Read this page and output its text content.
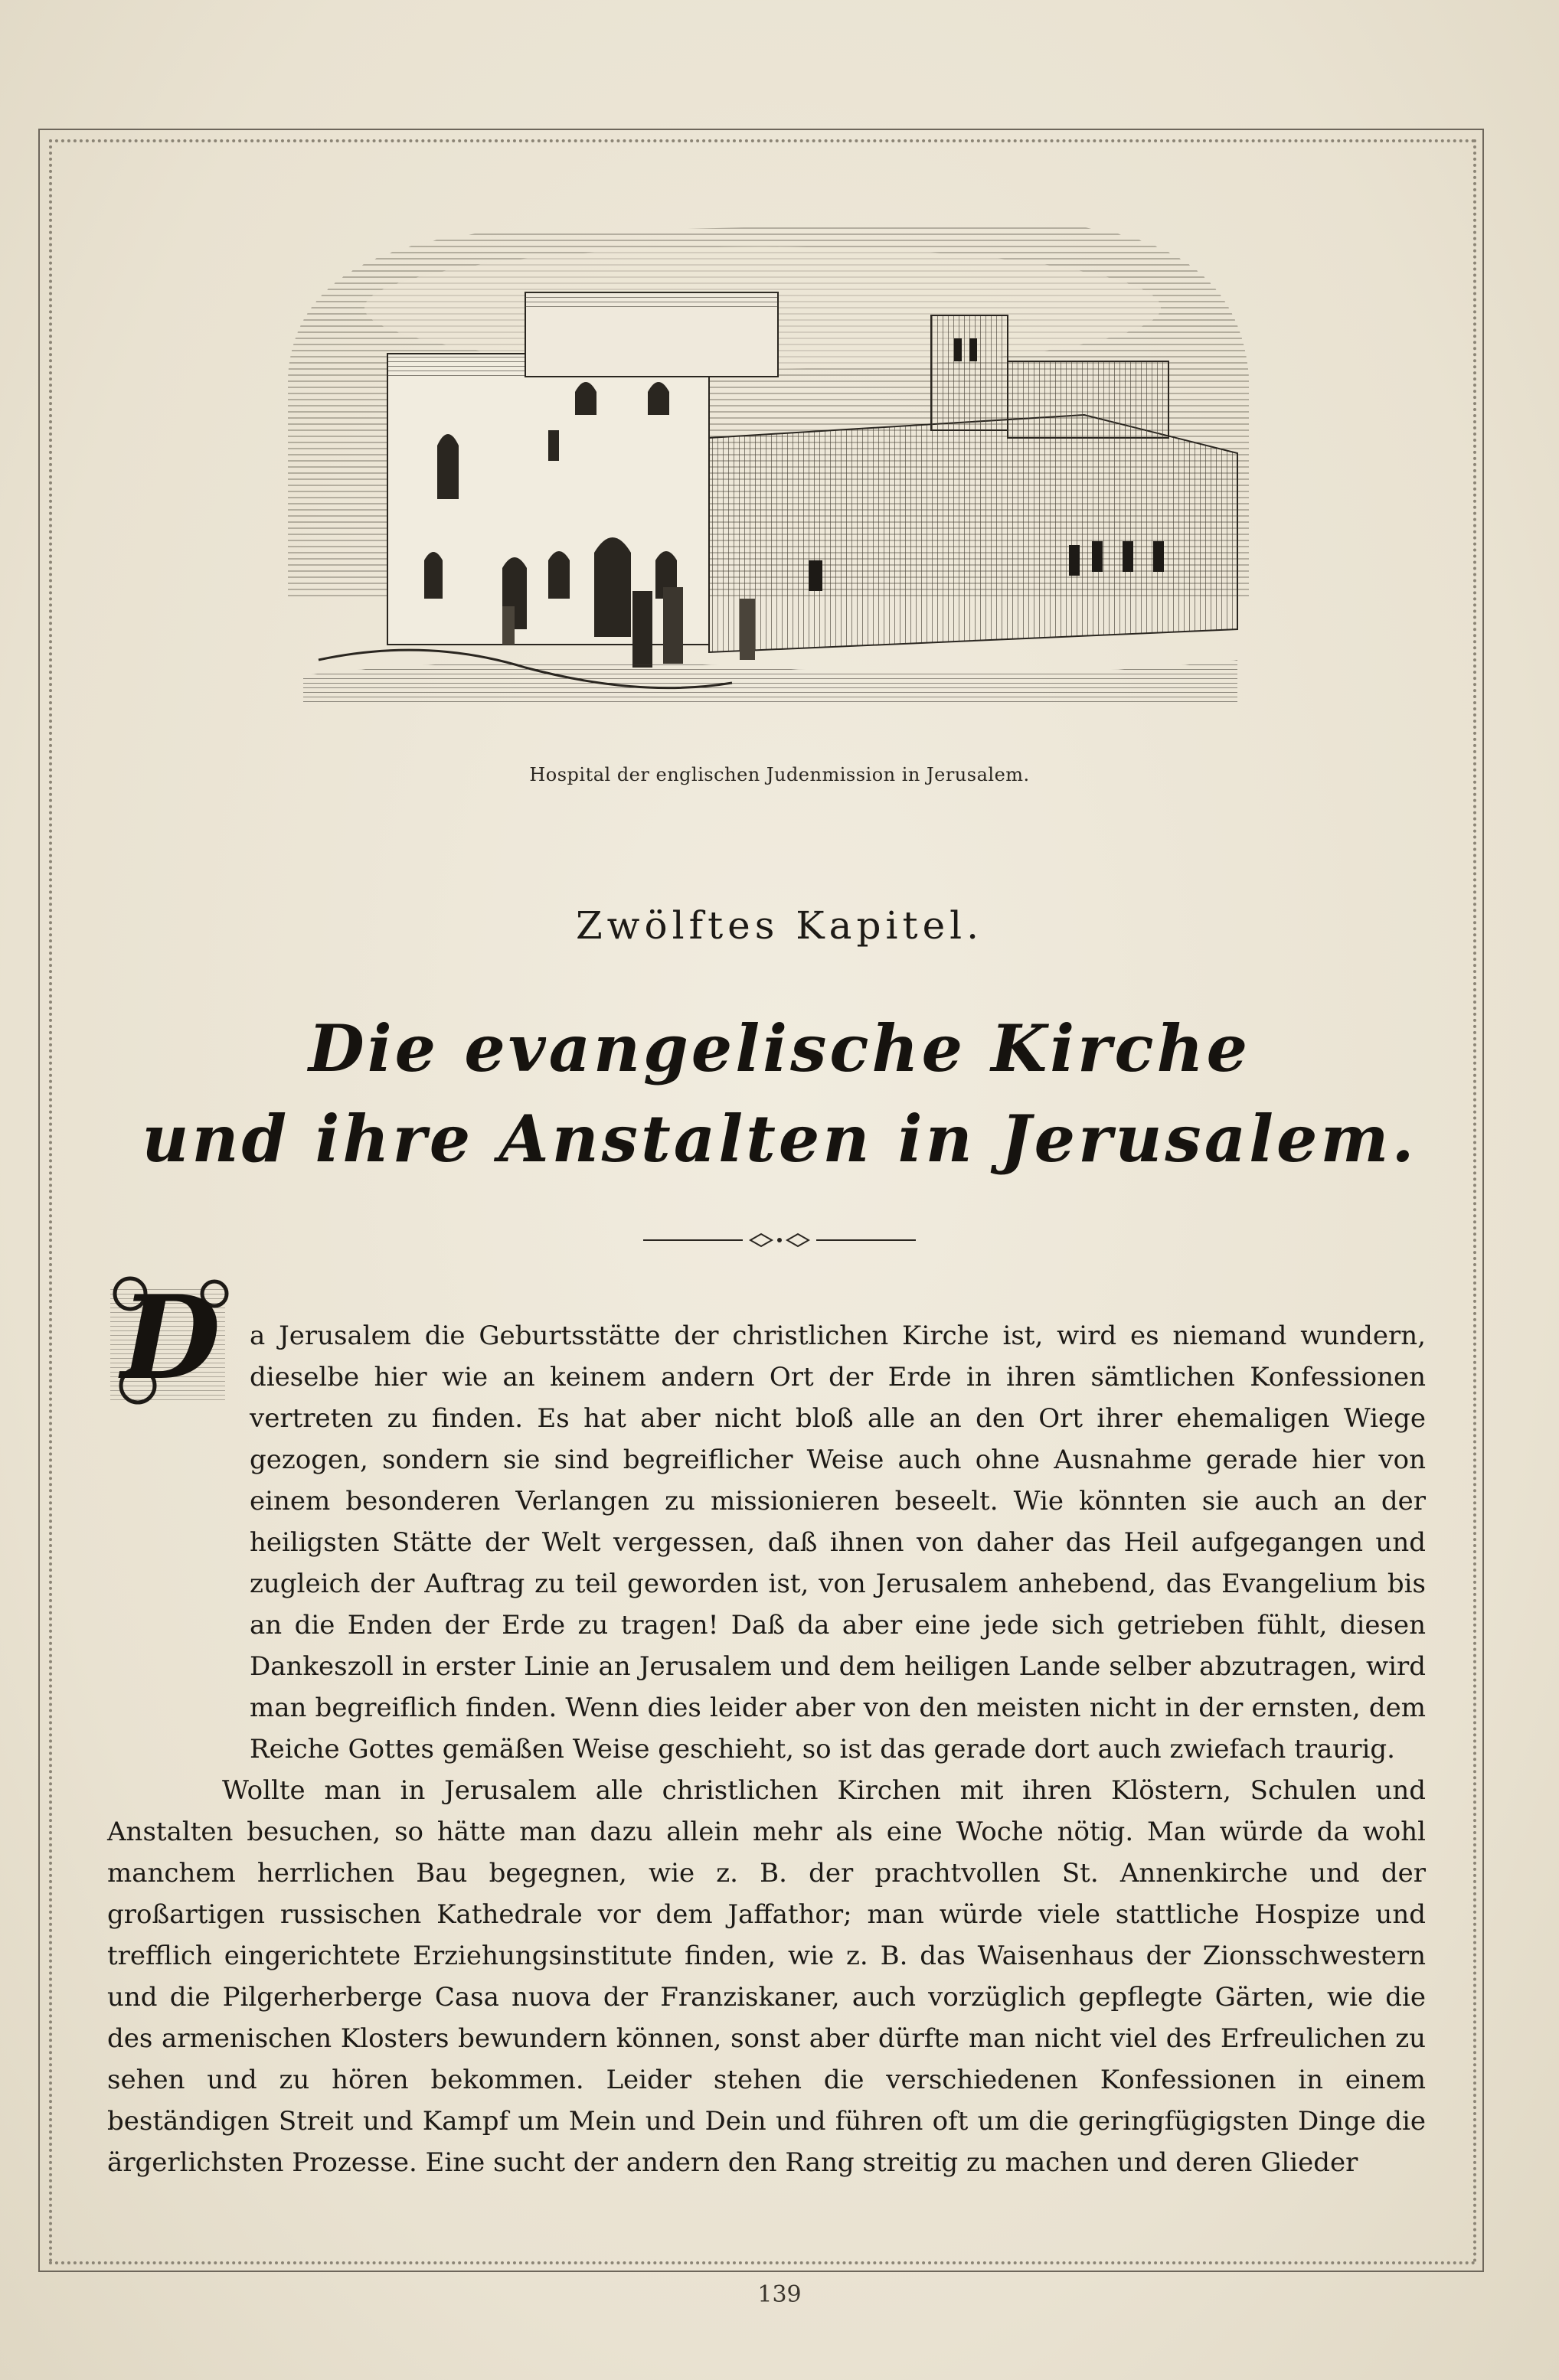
Hospital der englischen Judenmission in Jerusalem.
Zwölftes Kapitel.
Die evangelische Kirche
und ihre Anstalten in Jerusalem.
D	a Jerusalem die Geburtsstätte der christlichen Kirche ist, wird es niemand wundern, dieselbe hier wie an keinem andern Ort der Erde in ihren sämtlichen Konfessionen vertreten zu finden. Es hat aber nicht bloß alle an den Ort ihrer ehemaligen Wiege gezogen, sondern sie sind begreiflicher Weise auch ohne Ausnahme gerade hier von einem besonderen Verlangen zu missionieren beseelt. Wie könnten sie auch an der heiligsten Stätte der Welt vergessen, daß ihnen von daher das Heil aufgegangen und zugleich der Auftrag zu teil geworden ist, von Jerusalem anhebend, das Evangelium bis an die Enden der Erde zu tragen! Daß da aber eine jede sich getrieben fühlt, diesen Dankeszoll in erster Linie an Jerusalem und dem heiligen Lande selber abzutragen, wird man begreiflich finden. Wenn dies leider aber von den meisten nicht in der ernsten, dem Reiche Gottes gemäßen Weise geschieht, so ist das gerade dort auch zwiefach traurig.

Wollte man in Jerusalem alle christlichen Kirchen mit ihren Klöstern, Schulen und Anstalten besuchen, so hätte man dazu allein mehr als eine Woche nötig. Man würde da wohl manchem herrlichen Bau begegnen, wie z. B. der prachtvollen St. Annenkirche und der großartigen russischen Kathedrale vor dem Jaffathor; man würde viele stattliche Hospize und trefflich eingerichtete Erziehungsinstitute finden, wie z. B. das Waisenhaus der Zionsschwestern und die Pilgerherberge Casa nuova der Franziskaner, auch vorzüglich gepflegte Gärten, wie die des armenischen Klosters bewundern können, sonst aber dürfte man nicht viel des Erfreulichen zu sehen und zu hören bekommen. Leider stehen die verschiedenen Konfessionen in einem beständigen Streit und Kampf um Mein und Dein und führen oft um die geringfügigsten Dinge die ärgerlichsten Prozesse. Eine sucht der andern den Rang streitig zu machen und deren Glieder

139
